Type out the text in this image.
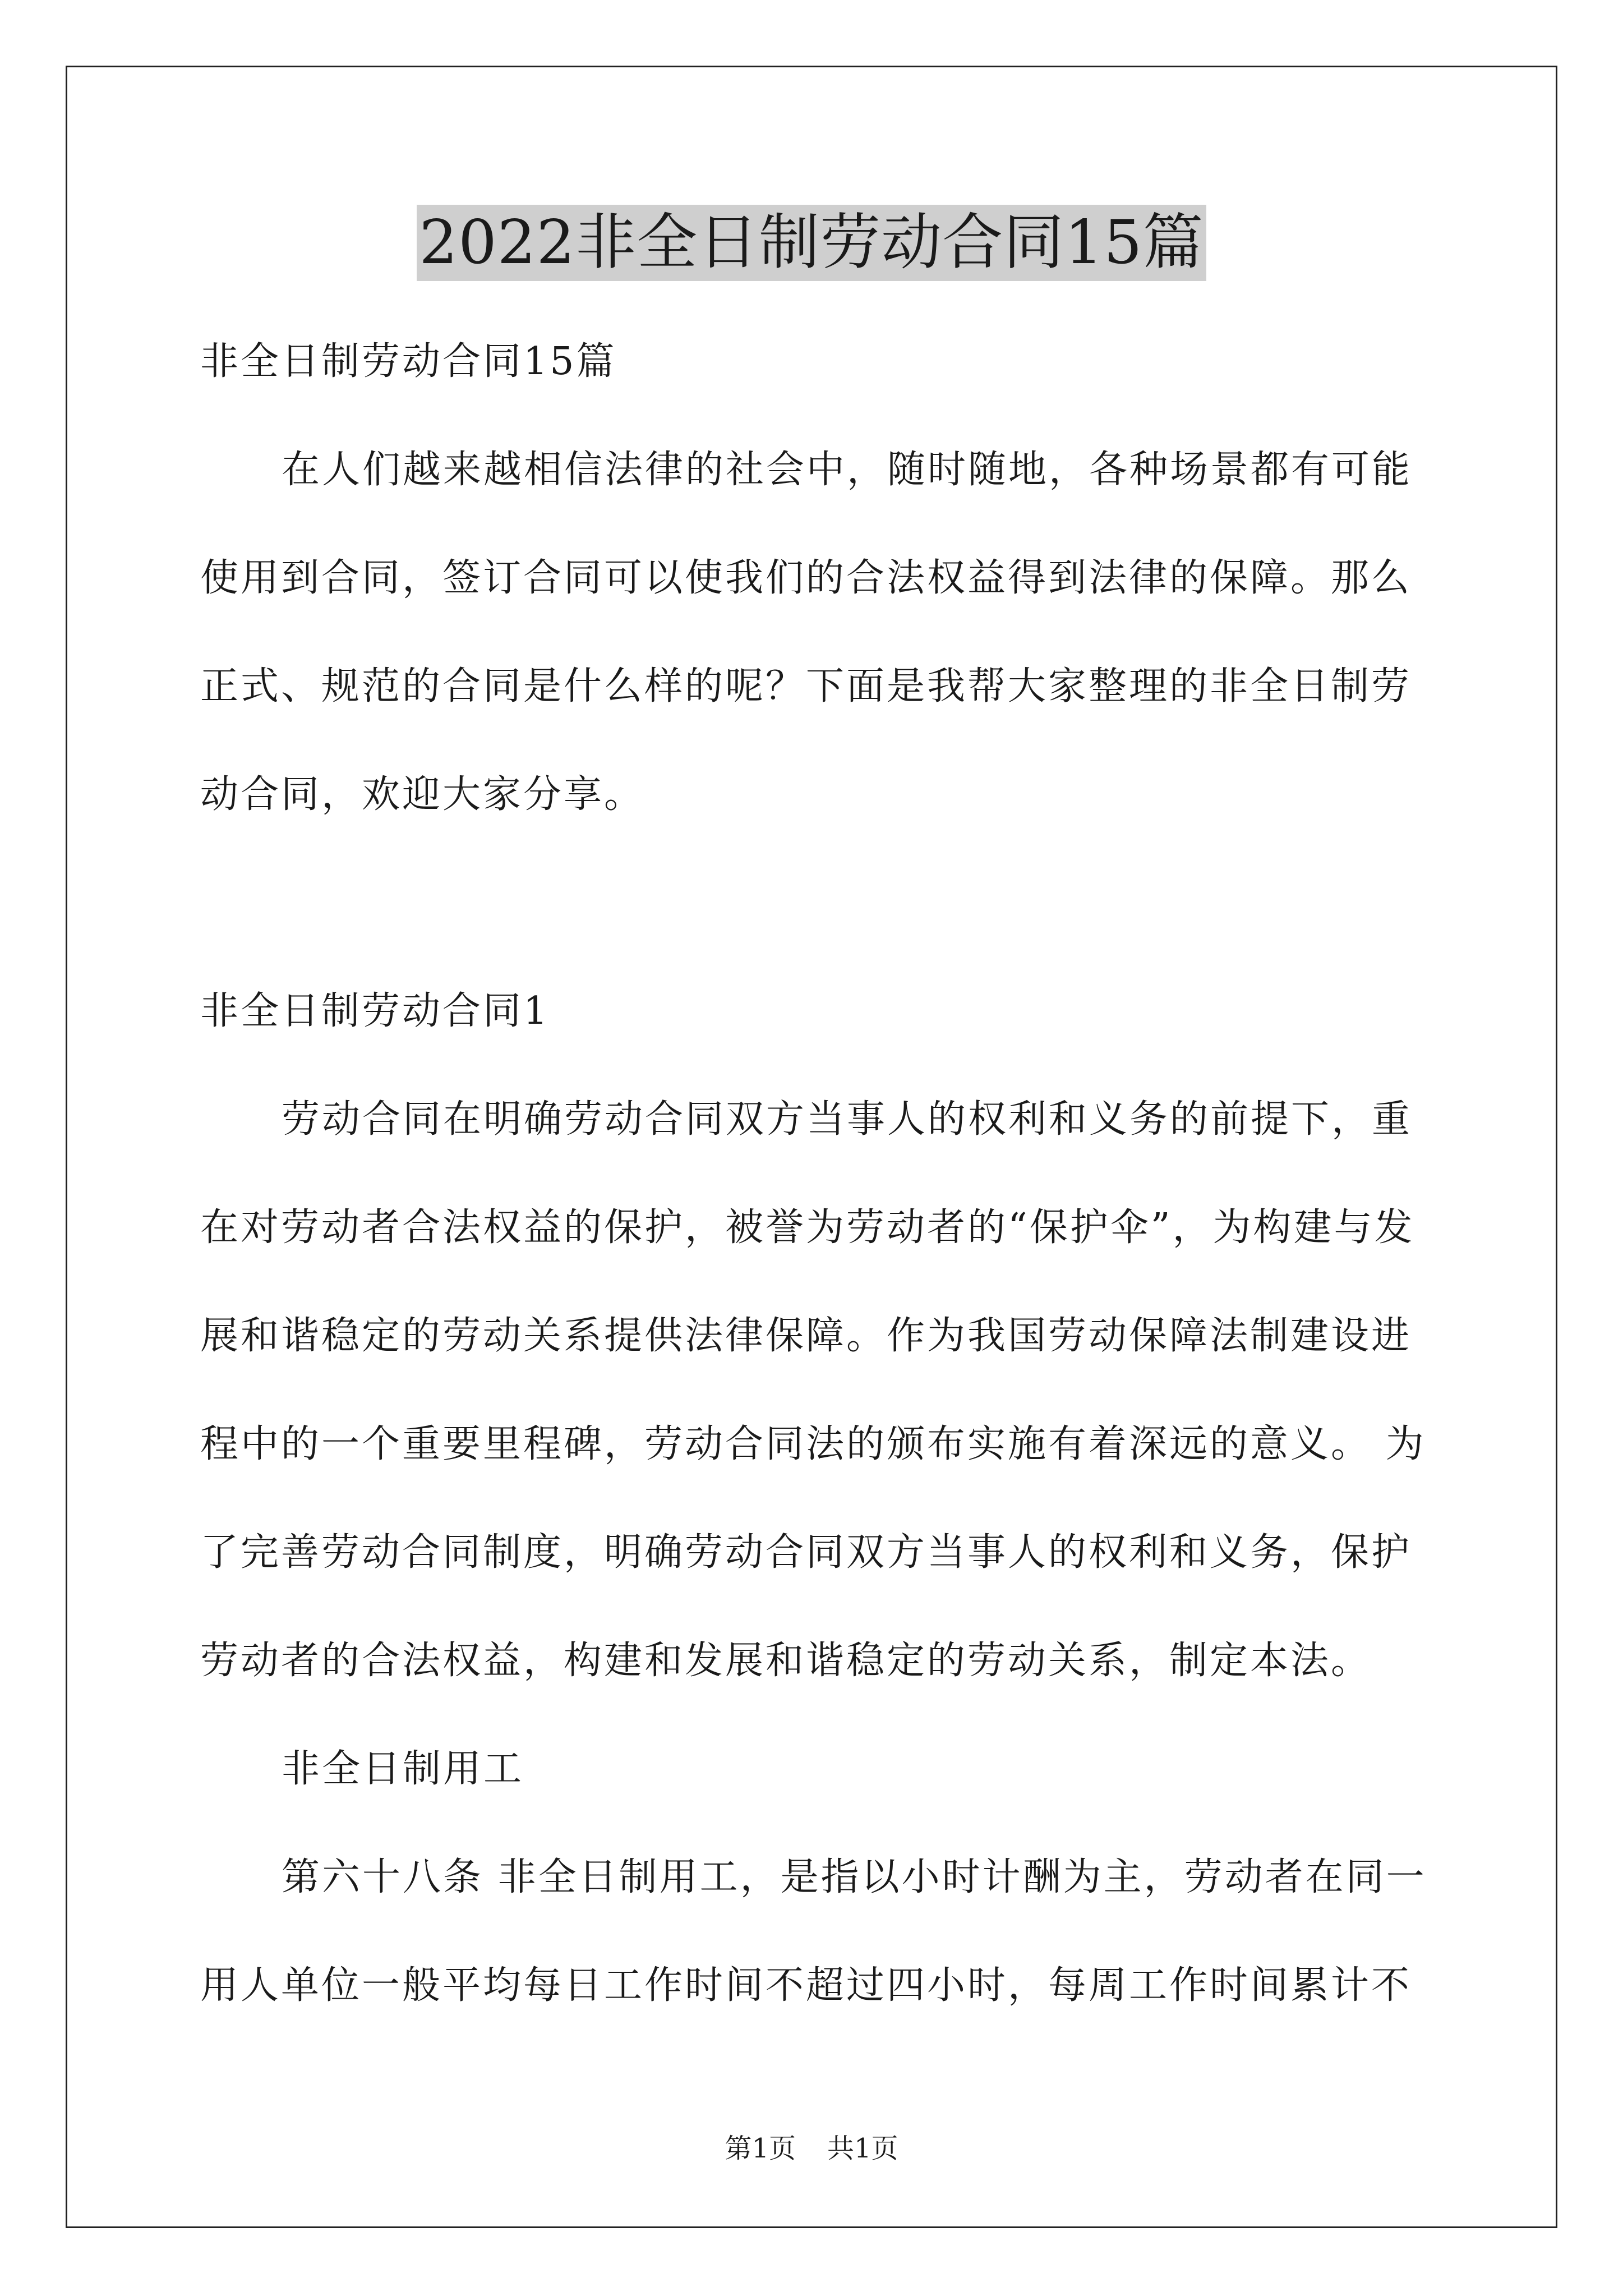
2022非全日制劳动合同15篇
非全日制劳动合同15篇
在人们越来越相信法律的社会中，随时随地，各种场景都有可能
使用到合同，签订合同可以使我们的合法权益得到法律的保障。那么
正式、规范的合同是什么样的呢？下面是我帮大家整理的非全日制劳
动合同，欢迎大家分享。
非全日制劳动合同1
劳动合同在明确劳动合同双方当事人的权利和义务的前提下，重
在对劳动者合法权益的保护，被誉为劳动者的“保护伞”，为构建与发
展和谐稳定的劳动关系提供法律保障。作为我国劳动保障法制建设进
程中的一个重要里程碑，劳动合同法的颁布实施有着深远的意义。 为
了完善劳动合同制度，明确劳动合同双方当事人的权利和义务，保护
劳动者的合法权益，构建和发展和谐稳定的劳动关系，制定本法。
非全日制用工
第六十八条 非全日制用工，是指以小时计酬为主，劳动者在同一
用人单位一般平均每日工作时间不超过四小时，每周工作时间累计不
第1页 共1页
